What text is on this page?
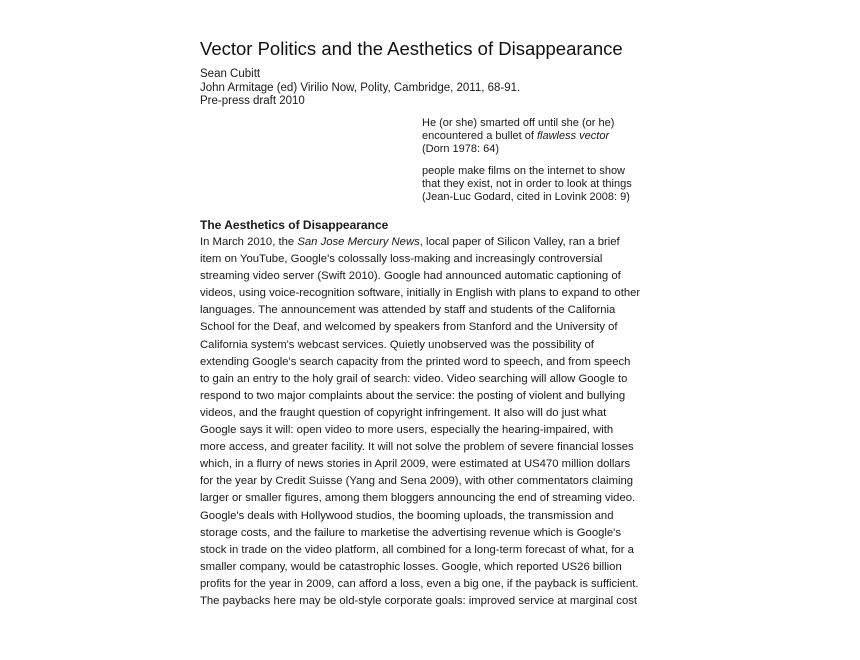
Vector Politics and the Aesthetics of Disappearance
Sean Cubitt
John Armitage (ed) Virilio Now, Polity, Cambridge, 2011, 68-91.
Pre-press draft 2010
He (or she) smarted off until she (or he)
encountered a bullet of flawless vector
(Dorn 1978: 64)
people make films on the internet to show
that they exist, not in order to look at things
(Jean-Luc Godard, cited in Lovink 2008: 9)
The Aesthetics of Disappearance
In March 2010, the San Jose Mercury News, local paper of Silicon Valley, ran a brief
item on YouTube, Google's colossally loss-making and increasingly controversial
streaming video server (Swift 2010). Google had announced automatic captioning of
videos, using voice-recognition software, initially in English with plans to expand to other
languages. The announcement was attended by staff and students of the California
School for the Deaf, and welcomed by speakers from Stanford and the University of
California system's webcast services. Quietly unobserved was the possibility of
extending Google's search capacity from the printed word to speech, and from speech
to gain an entry to the holy grail of search: video. Video searching will allow Google to
respond to two major complaints about the service: the posting of violent and bullying
videos, and the fraught question of copyright infringement. It also will do just what
Google says it will: open video to more users, especially the hearing-impaired, with
more access, and greater facility. It will not solve the problem of severe financial losses
which, in a flurry of news stories in April 2009, were estimated at US470 million dollars
for the year by Credit Suisse (Yang and Sena 2009), with other commentators claiming
larger or smaller figures, among them bloggers announcing the end of streaming video.
Google's deals with Hollywood studios, the booming uploads, the transmission and
storage costs, and the failure to marketise the advertising revenue which is Google's
stock in trade on the video platform, all combined for a long-term forecast of what, for a
smaller company, would be catastrophic losses. Google, which reported US26 billion
profits for the year in 2009, can afford a loss, even a big one, if the payback is sufficient.
The paybacks here may be old-style corporate goals: improved service at marginal cost
